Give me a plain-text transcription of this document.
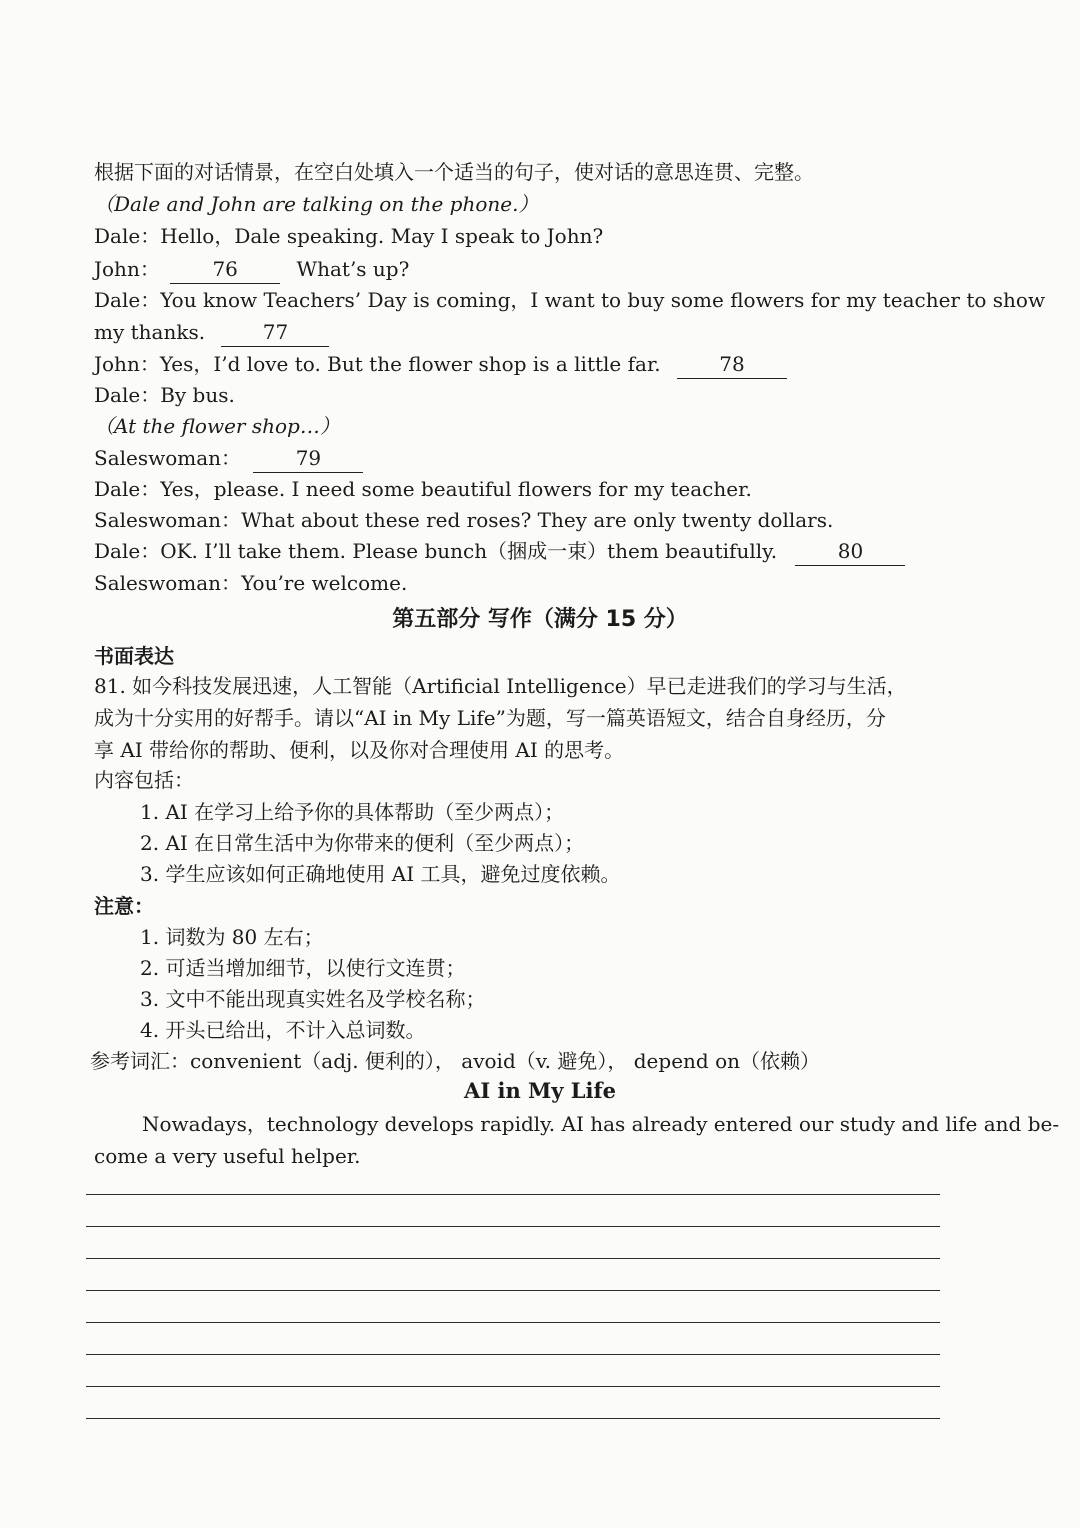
根据下面的对话情景，在空白处填入一个适当的句子，使对话的意思连贯、完整。
（Dale and John are talking on the phone.）
Dale：Hello，Dale speaking. May I speak to John?
John：	76	What’s up?
Dale：You know Teachers’ Day is coming，I want to buy some flowers for my teacher to show
my thanks.	77
John：Yes，I’d love to. But the flower shop is a little far.	78
Dale：By bus.
（At the flower shop…）
Saleswoman：	79
Dale：Yes，please. I need some beautiful flowers for my teacher.
Saleswoman：What about these red roses? They are only twenty dollars.
Dale：OK. I’ll take them. Please bunch（捆成一束）them beautifully.	80
Saleswoman：You’re welcome.
第五部分 写作（满分 15 分）
书面表达
81. 如今科技发展迅速，人工智能（Artificial Intelligence）早已走进我们的学习与生活，
成为十分实用的好帮手。请以“AI in My Life”为题，写一篇英语短文，结合自身经历，分
享 AI 带给你的帮助、便利，以及你对合理使用 AI 的思考。
内容包括：
1. AI 在学习上给予你的具体帮助（至少两点）；
2. AI 在日常生活中为你带来的便利（至少两点）；
3. 学生应该如何正确地使用 AI 工具，避免过度依赖。
注意：
1. 词数为 80 左右；
2. 可适当增加细节，以使行文连贯；
3. 文中不能出现真实姓名及学校名称；
4. 开头已给出，不计入总词数。
参考词汇：convenient（adj. 便利的）， avoid（v. 避免）， depend on（依赖）
AI in My Life
Nowadays，technology develops rapidly. AI has already entered our study and life and be-
come a very useful helper.
